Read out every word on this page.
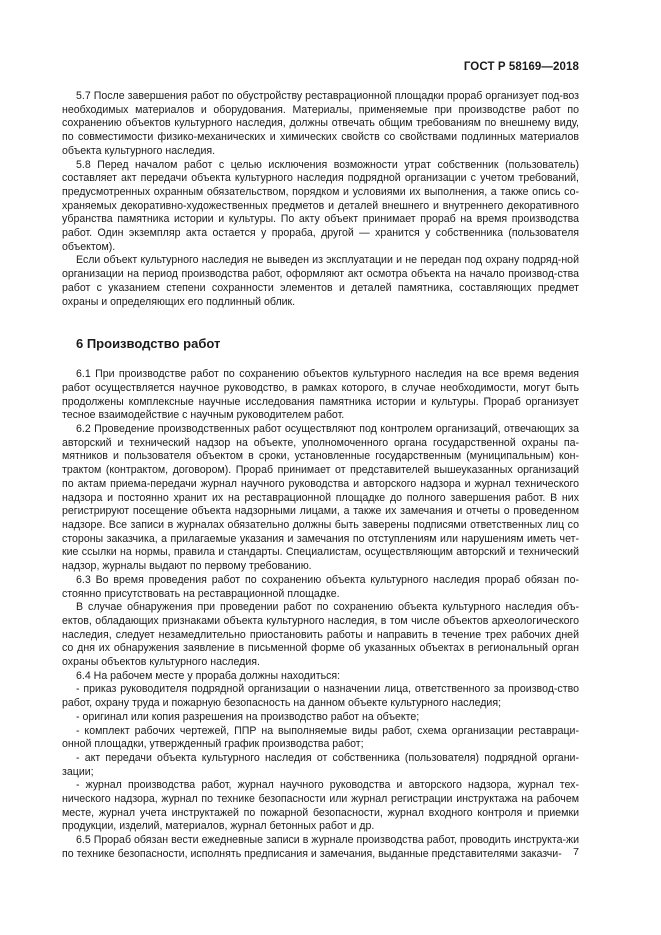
ГОСТ Р 58169—2018

5.7 После завершения работ по обустройству реставрационной площадки прораб организует под-воз необходимых материалов и оборудования. Материалы, применяемые при производстве работ по сохранению объектов культурного наследия, должны отвечать общим требованиям по внешнему виду, по совместимости физико-механических и химических свойств со свойствами подлинных материалов объекта культурного наследия.

5.8 Перед началом работ с целью исключения возможности утрат собственник (пользователь) составляет акт передачи объекта культурного наследия подрядной организации с учетом требований, предусмотренных охранным обязательством, порядком и условиями их выполнения, а также опись со-храняемых декоративно-художественных предметов и деталей внешнего и внутреннего декоративного убранства памятника истории и культуры. По акту объект принимает прораб на время производства работ. Один экземпляр акта остается у прораба, другой — хранится у собственника (пользователя объектом).

Если объект культурного наследия не выведен из эксплуатации и не передан под охрану подряд-ной организации на период производства работ, оформляют акт осмотра объекта на начало производ-ства работ с указанием степени сохранности элементов и деталей памятника, составляющих предмет охраны и определяющих его подлинный облик.

6 Производство работ

6.1 При производстве работ по сохранению объектов культурного наследия на все время ведения работ осуществляется научное руководство, в рамках которого, в случае необходимости, могут быть продолжены комплексные научные исследования памятника истории и культуры. Прораб организует тесное взаимодействие с научным руководителем работ.

6.2 Проведение производственных работ осуществляют под контролем организаций, отвечающих за авторский и технический надзор на объекте, уполномоченного органа государственной охраны па-мятников и пользователя объектом в сроки, установленные государственным (муниципальным) кон-трактом (контрактом, договором). Прораб принимает от представителей вышеуказанных организаций по актам приема-передачи журнал научного руководства и авторского надзора и журнал технического надзора и постоянно хранит их на реставрационной площадке до полного завершения работ. В них регистрируют посещение объекта надзорными лицами, а также их замечания и отчеты о проведенном надзоре. Все записи в журналах обязательно должны быть заверены подписями ответственных лиц со стороны заказчика, а прилагаемые указания и замечания по отступлениям или нарушениям иметь чет-кие ссылки на нормы, правила и стандарты. Специалистам, осуществляющим авторский и технический надзор, журналы выдают по первому требованию.

6.3 Во время проведения работ по сохранению объекта культурного наследия прораб обязан по-стоянно присутствовать на реставрационной площадке.

В случае обнаружения при проведении работ по сохранению объекта культурного наследия объ-ектов, обладающих признаками объекта культурного наследия, в том числе объектов археологического наследия, следует незамедлительно приостановить работы и направить в течение трех рабочих дней со дня их обнаружения заявление в письменной форме об указанных объектах в региональный орган охраны объектов культурного наследия.

6.4 На рабочем месте у прораба должны находиться:

- приказ руководителя подрядной организации о назначении лица, ответственного за производ-ство работ, охрану труда и пожарную безопасность на данном объекте культурного наследия;

- оригинал или копия разрешения на производство работ на объекте;

- комплект рабочих чертежей, ППР на выполняемые виды работ, схема организации реставраци-онной площадки, утвержденный график производства работ;

- акт передачи объекта культурного наследия от собственника (пользователя) подрядной органи-зации;

- журнал производства работ, журнал научного руководства и авторского надзора, журнал тех-нического надзора, журнал по технике безопасности или журнал регистрации инструктажа на рабочем месте, журнал учета инструктажей по пожарной безопасности, журнал входного контроля и приемки продукции, изделий, материалов, журнал бетонных работ и др.

6.5 Прораб обязан вести ежедневные записи в журнале производства работ, проводить инструкта-жи по технике безопасности, исполнять предписания и замечания, выданные представителями заказчи-	7
